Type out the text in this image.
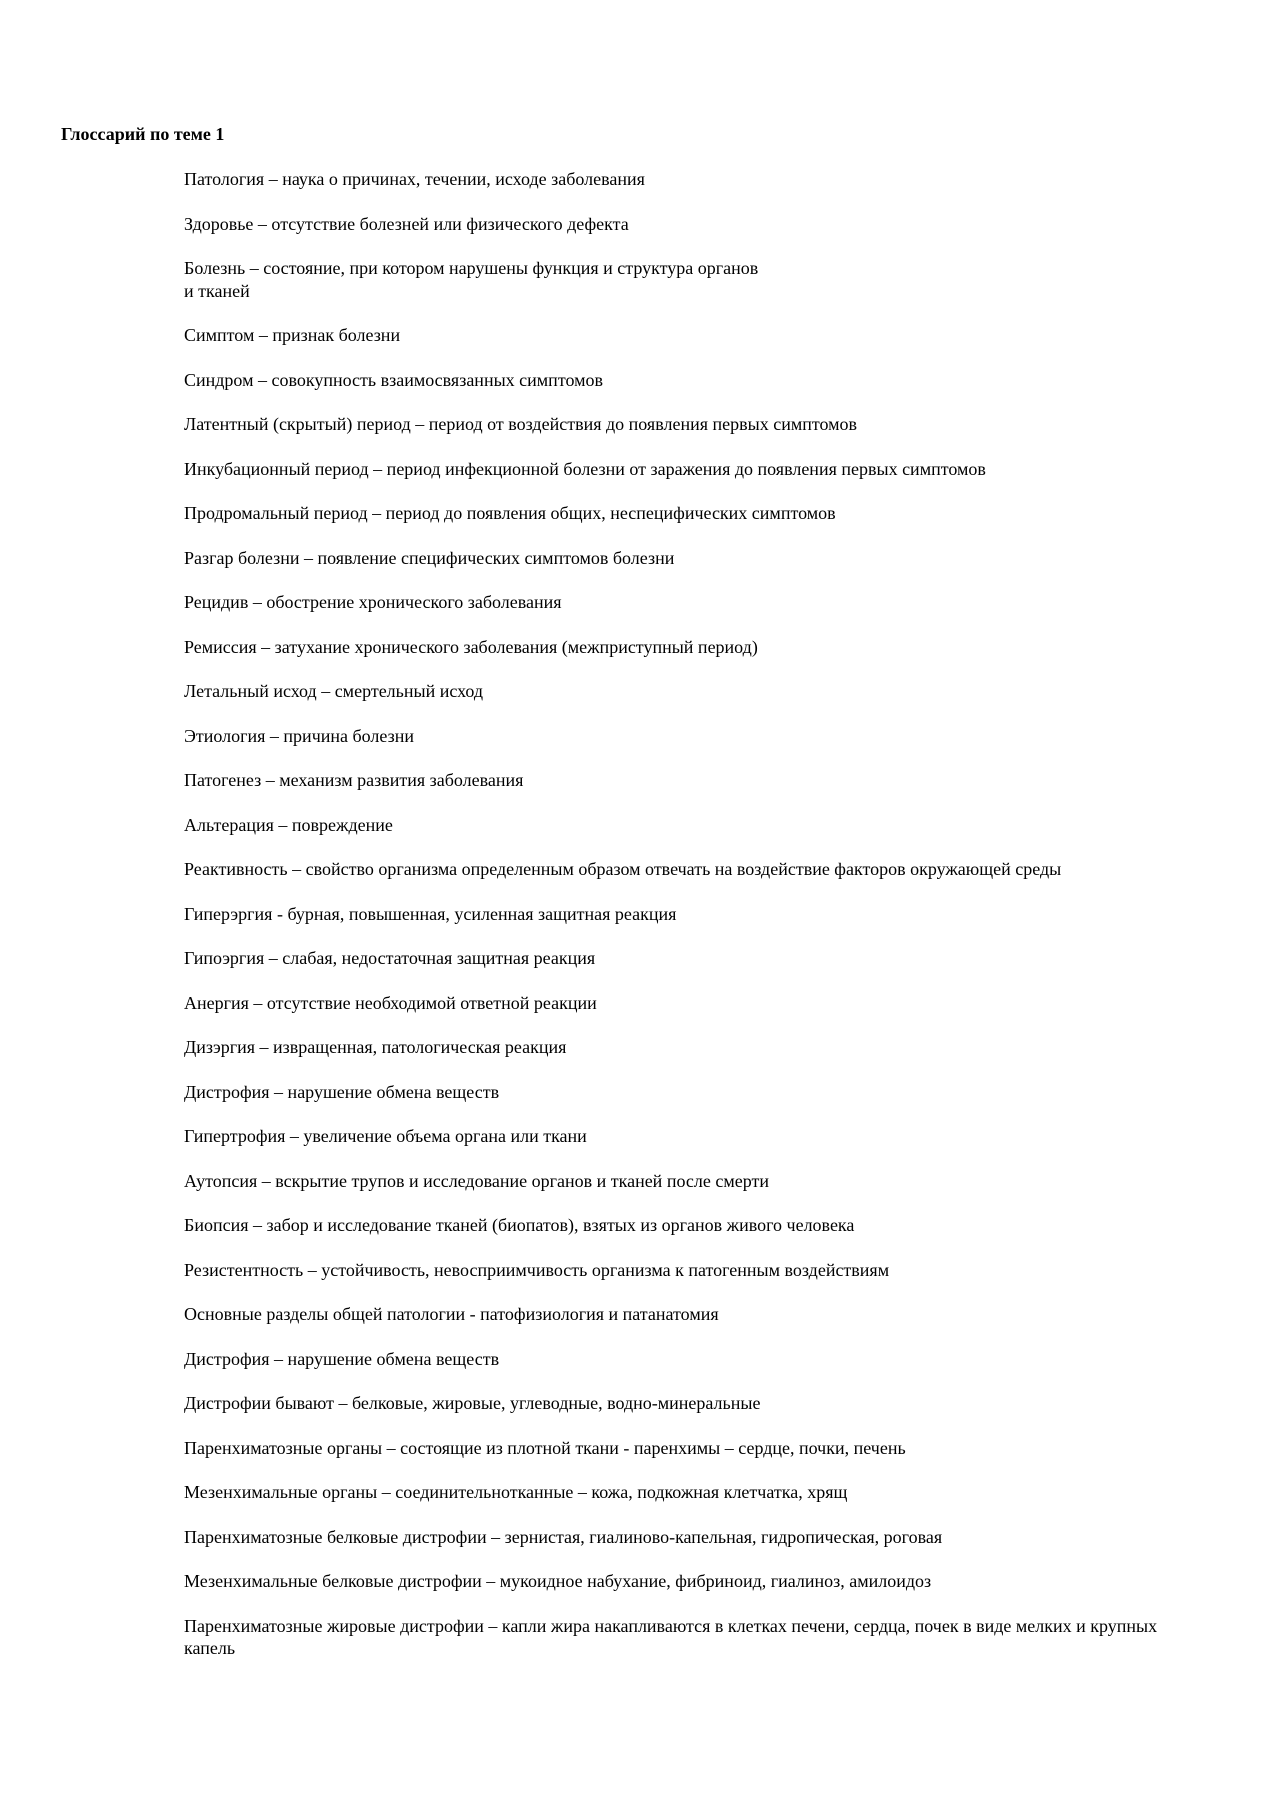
Глоссарий по теме 1
Патология – наука о причинах, течении, исходе заболевания
Здоровье – отсутствие болезней или физического дефекта
Болезнь – состояние, при котором нарушены функция и структура органов и тканей
Симптом – признак болезни
Синдром – совокупность взаимосвязанных симптомов
Латентный (скрытый) период – период от воздействия до появления первых симптомов
Инкубационный период – период инфекционной болезни от заражения до появления первых симптомов
Продромальный период – период до появления общих, неспецифических симптомов
Разгар болезни – появление специфических симптомов болезни
Рецидив – обострение хронического заболевания
Ремиссия – затухание хронического заболевания (межприступный период)
Летальный исход – смертельный исход
Этиология – причина болезни
Патогенез – механизм развития заболевания
Альтерация – повреждение
Реактивность – свойство организма определенным образом отвечать на воздействие факторов окружающей среды
Гиперэргия - бурная, повышенная, усиленная защитная реакция
Гипоэргия – слабая, недостаточная защитная реакция
Анергия – отсутствие необходимой ответной реакции
Дизэргия – извращенная, патологическая реакция
Дистрофия – нарушение обмена веществ
Гипертрофия – увеличение объема органа или ткани
Аутопсия – вскрытие трупов и исследование органов и тканей после смерти
Биопсия – забор и исследование тканей (биопатов), взятых из органов живого человека
Резистентность – устойчивость, невосприимчивость организма к патогенным воздействиям
Основные разделы общей патологии - патофизиология и патанатомия
Дистрофия – нарушение обмена веществ
Дистрофии бывают – белковые, жировые, углеводные, водно-минеральные
Паренхиматозные органы – состоящие из плотной ткани - паренхимы – сердце, почки, печень
Мезенхимальные органы – соединительнотканные – кожа, подкожная клетчатка, хрящ
Паренхиматозные белковые дистрофии – зернистая, гиалиново-капельная, гидропическая, роговая
Мезенхимальные белковые дистрофии – мукоидное набухание, фибриноид, гиалиноз, амилоидоз
Паренхиматозные жировые дистрофии – капли жира накапливаются в клетках печени, сердца, почек в виде мелких и крупных капель
